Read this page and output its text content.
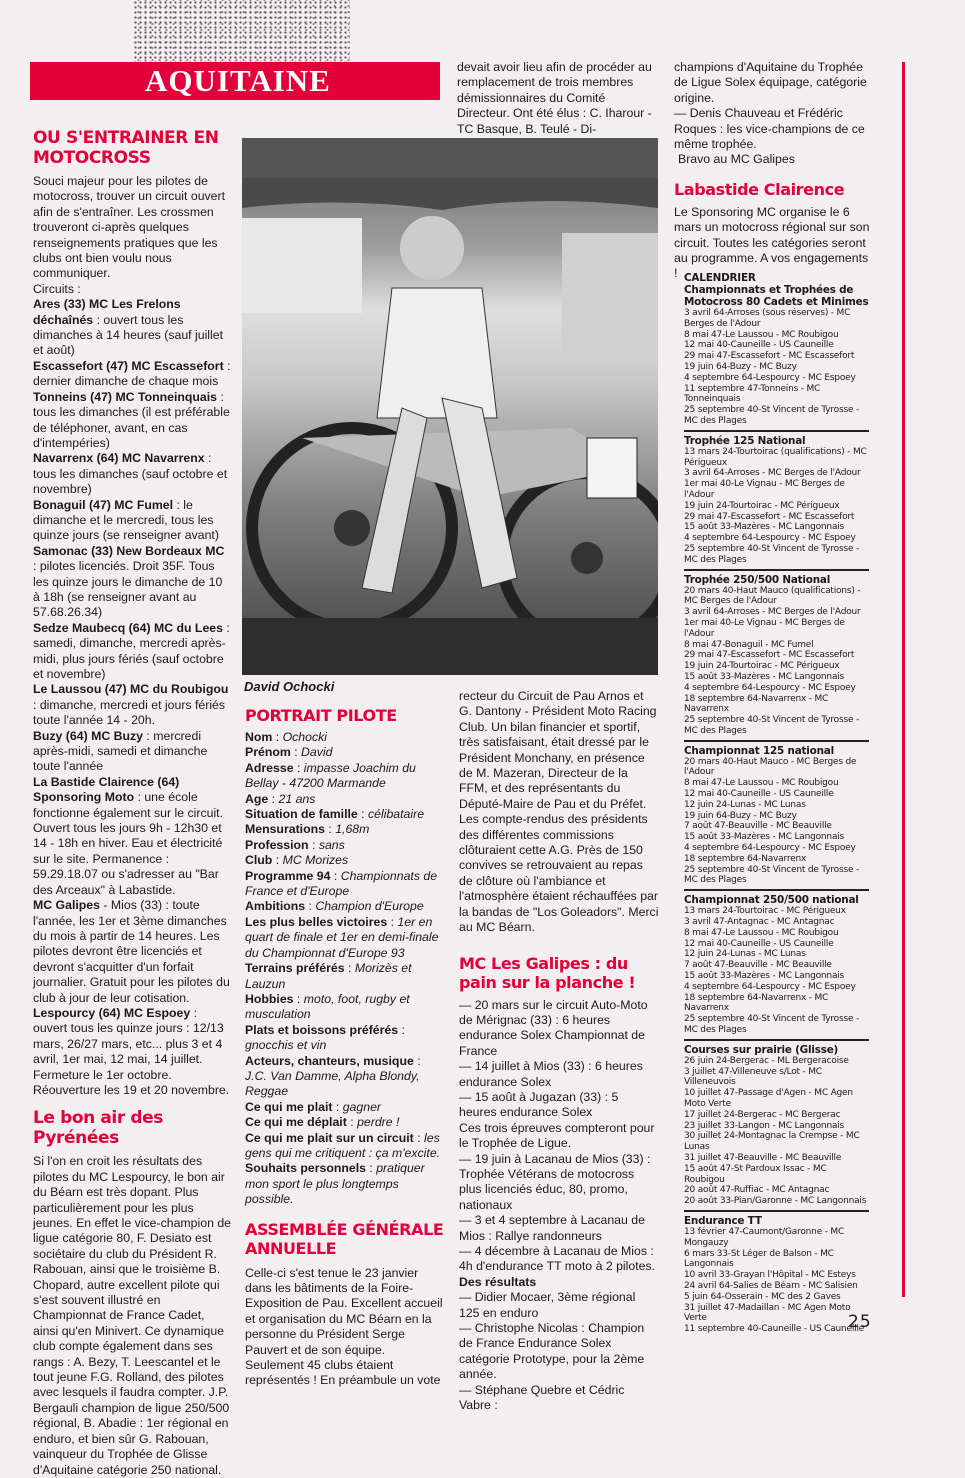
AQUITAINE
OU S'ENTRAINER EN MOTOCROSS

Souci majeur pour les pilotes de motocross, trouver un circuit ouvert afin de s'entraîner. Les crossmen trouveront ci-après quelques renseignements pratiques que les clubs ont bien voulu nous communiquer.

Circuits :

Ares (33) MC Les Frelons déchaînés : ouvert tous les dimanches à 14 heures (sauf juillet et août)

Escassefort (47) MC Escassefort : dernier dimanche de chaque mois

Tonneins (47) MC Tonneinquais : tous les dimanches (il est préférable de téléphoner, avant, en cas d'intempéries)

Navarrenx (64) MC Navarrenx : tous les dimanches (sauf octobre et novembre)

Bonaguil (47) MC Fumel : le dimanche et le mercredi, tous les quinze jours (se renseigner avant)

Samonac (33) New Bordeaux MC : pilotes licenciés. Droit 35F. Tous les quinze jours le dimanche de 10 à 18h (se renseigner avant au 57.68.26.34)

Sedze Maubecq (64) MC du Lees : samedi, dimanche, mercredi après-midi, plus jours fériés (sauf octobre et novembre)

Le Laussou (47) MC du Roubigou : dimanche, mercredi et jours fériés toute l'année 14 - 20h.

Buzy (64) MC Buzy : mercredi après-midi, samedi et dimanche toute l'année

La Bastide Clairence (64) Sponsoring Moto : une école fonctionne également sur le circuit. Ouvert tous les jours 9h - 12h30 et 14 - 18h en hiver. Eau et électricité sur le site. Permanence : 59.29.18.07 ou s'adresser au "Bar des Arceaux" à Labastide.

MC Galipes - Mios (33) : toute l'année, les 1er et 3ème dimanches du mois à partir de 14 heures. Les pilotes devront être licenciés et devront s'acquitter d'un forfait journalier. Gratuit pour les pilotes du club à jour de leur cotisation.

Lespourcy (64) MC Espoey : ouvert tous les quinze jours : 12/13 mars, 26/27 mars, etc... plus 3 et 4 avril, 1er mai, 12 mai, 14 juillet. Fermeture le 1er octobre. Réouverture les 19 et 20 novembre.

Le bon air des Pyrénées

Si l'on en croit les résultats des pilotes du MC Lespourcy, le bon air du Béarn est très dopant. Plus particulièrement pour les plus jeunes. En effet le vice-champion de ligue catégorie 80, F. Desiato est sociétaire du club du Président R. Rabouan, ainsi que le troisième B. Chopard, autre excellent pilote qui s'est souvent illustré en Championnat de France Cadet, ainsi qu'en Minivert. Ce dynamique club compte également dans ses rangs : A. Bezy, T. Leescantel et le tout jeune F.G. Rolland, des pilotes avec lesquels il faudra compter. J.P. Bergauli champion de ligue 250/500 régional, B. Abadie : 1er régional en enduro, et bien sûr G. Rabouan, vainqueur du Trophée de Glisse d'Aquitaine catégorie 250 national.

devait avoir lieu afin de procéder au remplacement de trois membres démissionnaires du Comité Directeur. Ont été élus : C. Iharour - TC Basque, B. Teulé - Di-

David Ochocki
PORTRAIT PILOTE

Nom : Ochocki

Prénom : David

Adresse : impasse Joachim du Bellay - 47200 Marmande

Age : 21 ans

Situation de famille : célibataire

Mensurations : 1,68m

Profession : sans

Club : MC Morizes

Programme 94 : Championnats de France et d'Europe

Ambitions : Champion d'Europe

Les plus belles victoires : 1er en quart de finale et 1er en demi-finale du Championnat d'Europe 93

Terrains préférés : Morizès et Lauzun

Hobbies : moto, foot, rugby et musculation

Plats et boissons préférés : gnocchis et vin

Acteurs, chanteurs, musique : J.C. Van Damme, Alpha Blondy, Reggae

Ce qui me plait : gagner

Ce qui me déplait : perdre !

Ce qui me plait sur un circuit : les gens qui me critiquent : ça m'excite.

Souhaits personnels : pratiquer mon sport le plus longtemps possible.

ASSEMBLÉE GÉNÉRALE ANNUELLE

Celle-ci s'est tenue le 23 janvier dans les bâtiments de la Foire-Exposition de Pau. Excellent accueil et organisation du MC Béarn en la personne du Président Serge Pauvert et de son équipe. Seulement 45 clubs étaient représentés ! En préambule un vote

recteur du Circuit de Pau Arnos et G. Dantony - Président Moto Racing Club. Un bilan financier et sportif, très satisfaisant, était dressé par le Président Monchany, en présence de M. Mazeran, Directeur de la FFM, et des représentants du Député-Maire de Pau et du Préfet. Les compte-rendus des présidents des différentes commissions clôturaient cette A.G. Près de 150 convives se retrouvaient au repas de clôture où l'ambiance et l'atmosphère étaient réchauffées par la bandas de "Los Goleadors". Merci au MC Béarn.

MC Les Galipes : du pain sur la planche !

— 20 mars sur le circuit Auto-Moto de Mérignac (33) : 6 heures endurance Solex Championnat de France

— 14 juillet à Mios (33) : 6 heures endurance Solex

— 15 août à Jugazan (33) : 5 heures endurance Solex

Ces trois épreuves compteront pour le Trophée de Ligue.

— 19 juin à Lacanau de Mios (33) : Trophée Vétérans de motocross plus licenciés éduc, 80, promo, nationaux

— 3 et 4 septembre à Lacanau de Mios : Rallye randonneurs

— 4 décembre à Lacanau de Mios : 4h d'endurance TT moto à 2 pilotes.

Des résultats

— Didier Mocaer, 3ème régional 125 en enduro

— Christophe Nicolas : Champion de France Endurance Solex catégorie Prototype, pour la 2ème année.

— Stéphane Quebre et Cédric Vabre :

champions d'Aquitaine du Trophée de Ligue Solex équipage, catégorie origine.

— Denis Chauveau et Frédéric Roques : les vice-champions de ce même trophée.

Bravo au MC Galipes

Labastide Clairence

Le Sponsoring MC organise le 6 mars un motocross régional sur son circuit. Toutes les catégories seront au programme. A vos engagements ! CALENDRIER
Championnats et Trophées de Motocross 80 Cadets et Minimes

3 avril 64-Arroses (sous réserves) - MC Berges de l'Adour

8 mai 47-Le Laussou - MC Roubigou

12 mai 40-Cauneille - US Cauneille

29 mai 47-Escassefort - MC Escassefort

19 juin 64-Buzy - MC Buzy

4 septembre 64-Lespourcy - MC Espoey

11 septembre 47-Tonneins - MC Tonneinquais

25 septembre 40-St Vincent de Tyrosse - MC des Plages

Trophée 125 National

13 mars 24-Tourtoirac (qualifications) - MC Périgueux

3 avril 64-Arroses - MC Berges de l'Adour

1er mai 40-Le Vignau - MC Berges de l'Adour

19 juin 24-Tourtoirac - MC Périgueux

29 mai 47-Escassefort - MC Escassefort

15 août 33-Mazères - MC Langonnais

4 septembre 64-Lespourcy - MC Espoey

25 septembre 40-St Vincent de Tyrosse - MC des Plages

Trophée 250/500 National

20 mars 40-Haut Mauco (qualifications) - MC Berges de l'Adour

3 avril 64-Arroses - MC Berges de l'Adour

1er mai 40-Le Vignau - MC Berges de l'Adour

8 mai 47-Bonaguil - MC Fumel

29 mai 47-Escassefort - MC Escassefort

19 juin 24-Tourtoirac - MC Périgueux

15 août 33-Mazères - MC Langonnais

4 septembre 64-Lespourcy - MC Espoey

18 septembre 64-Navarrenx - MC Navarrenx

25 septembre 40-St Vincent de Tyrosse - MC des Plages

Championnat 125 national

20 mars 40-Haut Mauco - MC Berges de l'Adour

8 mai 47-Le Laussou - MC Roubigou

12 mai 40-Cauneille - US Cauneille

12 juin 24-Lunas - MC Lunas

19 juin 64-Buzy - MC Buzy

7 août 47-Beauville - MC Beauville

15 août 33-Mazères - MC Langonnais

4 septembre 64-Lespourcy - MC Espoey

18 septembre 64-Navarrenx

25 septembre 40-St Vincent de Tyrosse - MC des Plages

Championnat 250/500 national

13 mars 24-Tourtoirac - MC Périgueux

3 avril 47-Antagnac - MC Antagnac

8 mai 47-Le Laussou - MC Roubigou

12 mai 40-Cauneille - US Cauneille

12 juin 24-Lunas - MC Lunas

7 août 47-Beauville - MC Beauville

15 août 33-Mazères - MC Langonnais

4 septembre 64-Lespourcy - MC Espoey

18 septembre 64-Navarrenx - MC Navarrenx

25 septembre 40-St Vincent de Tyrosse - MC des Plages

Courses sur prairie (Glisse)

26 juin 24-Bergerac - ML Bergeracoise

3 juillet 47-Villeneuve s/Lot - MC Villeneuvois

10 juillet 47-Passage d'Agen - MC Agen Moto Verte

17 juillet 24-Bergerac - MC Bergerac

23 juillet 33-Langon - MC Langonnais

30 juillet 24-Montagnac la Crempse - MC Lunas

31 juillet 47-Beauville - MC Beauville

15 août 47-St Pardoux Issac - MC Roubigou

20 août 47-Ruffiac - MC Antagnac

20 août 33-Pian/Garonne - MC Langonnais

Endurance TT

13 février 47-Caumont/Garonne - MC Mongauzy

6 mars 33-St Léger de Balson - MC Langonnais

10 avril 33-Grayan l'Hôpital - MC Esteys

24 avril 64-Salies de Béarn - MC Salisien

5 juin 64-Osserain - MC des 2 Gaves

31 juillet 47-Madaillan - MC Agen Moto Verte

11 septembre 40-Cauneille - US Cauneille

25
